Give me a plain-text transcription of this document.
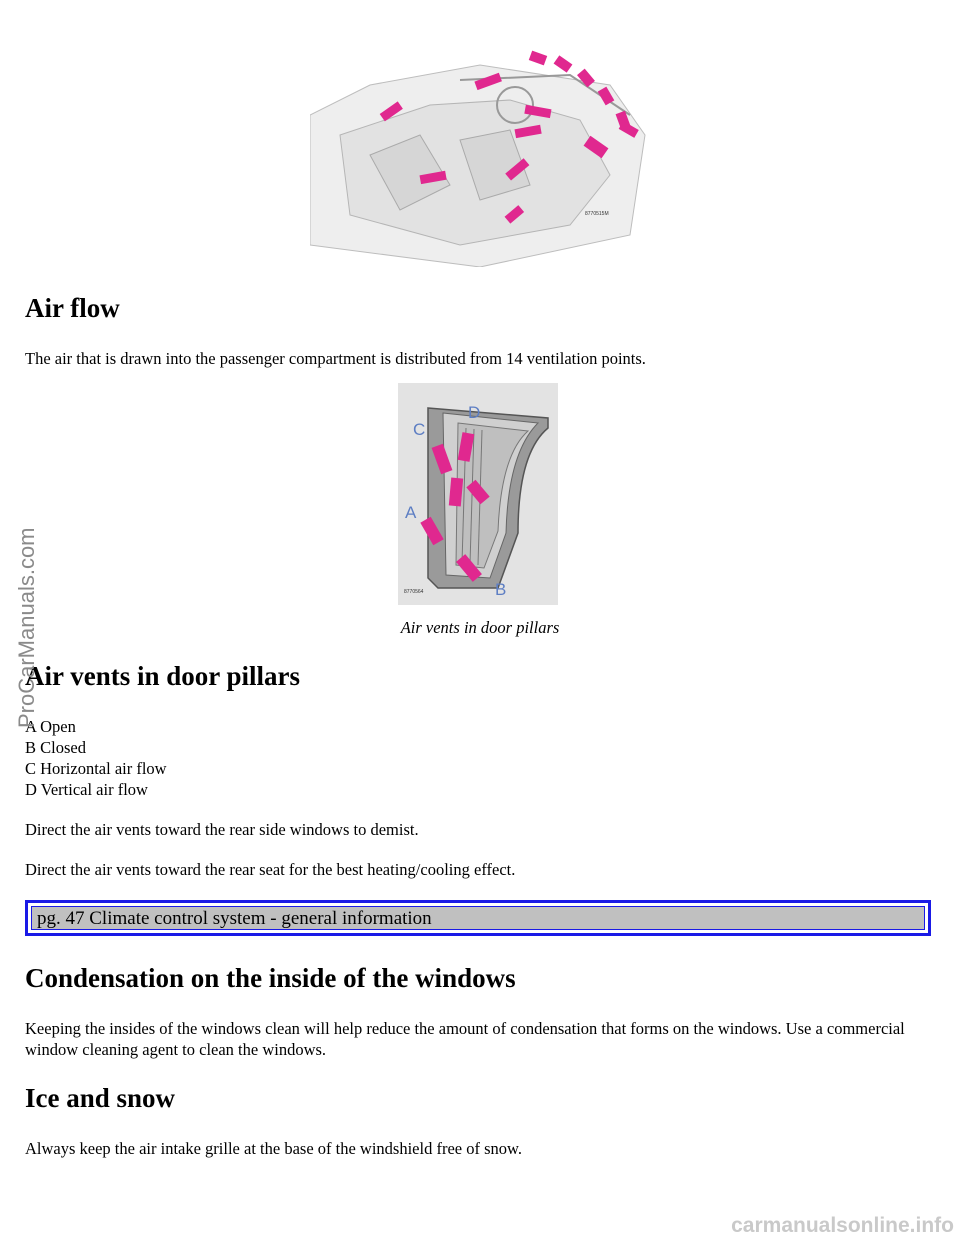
8770515M
Air flow
The air that is drawn into the passenger compartment is distributed from 14 ventilation points.
C
D
A
B
8770564
Air vents in door pillars
Air vents in door pillars
A Open
B Closed
C Horizontal air flow
D Vertical air flow
Direct the air vents toward the rear side windows to demist.
Direct the air vents toward the rear seat for the best heating/cooling effect.
pg. 47 Climate control system - general information
Condensation on the inside of the windows
Keeping the insides of the windows clean will help reduce the amount of condensation that forms on the windows. Use a commercial window cleaning agent to clean the windows.
Ice and snow
Always keep the air intake grille at the base of the windshield free of snow.
ProCarManuals.com
carmanualsonline.info
